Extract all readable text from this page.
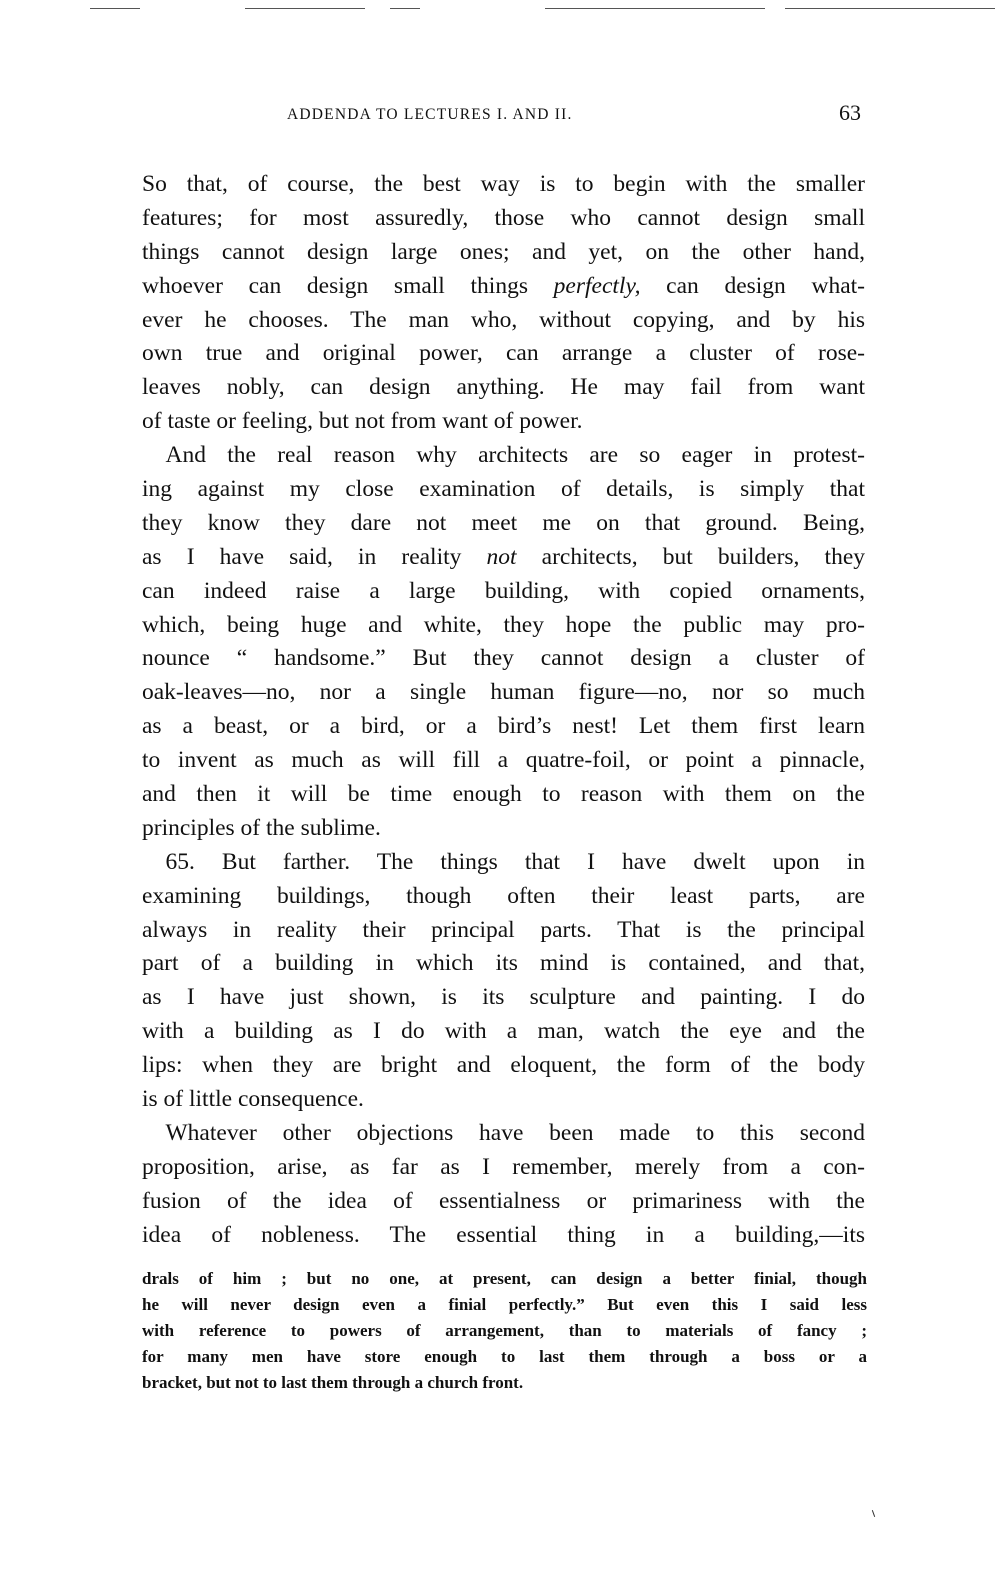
ADDENDA TO LECTURES I. AND II.	63
So that, of course, the best way is to begin with the smaller
features; for most assuredly, those who cannot design small
things cannot design large ones; and yet, on the other hand,
whoever can design small things perfectly, can design what-
ever he chooses. The man who, without copying, and by his
own true and original power, can arrange a cluster of rose-
leaves nobly, can design anything. He may fail from want
of taste or feeling, but not from want of power.
 And the real reason why architects are so eager in protest-
ing against my close examination of details, is simply that
they know they dare not meet me on that ground. Being,
as I have said, in reality not architects, but builders, they
can indeed raise a large building, with copied ornaments,
which, being huge and white, they hope the public may pro-
nounce “ handsome.” But they cannot design a cluster of
oak-leaves—no, nor a single human figure—no, nor so much
as a beast, or a bird, or a bird’s nest! Let them first learn
to invent as much as will fill a quatre-foil, or point a pinnacle,
and then it will be time enough to reason with them on the
principles of the sublime.
 65. But farther. The things that I have dwelt upon in
examining buildings, though often their least parts, are
always in reality their principal parts. That is the principal
part of a building in which its mind is contained, and that,
as I have just shown, is its sculpture and painting. I do
with a building as I do with a man, watch the eye and the
lips: when they are bright and eloquent, the form of the body
is of little consequence.
 Whatever other objections have been made to this second
proposition, arise, as far as I remember, merely from a con-
fusion of the idea of essentialness or primariness with the
idea of nobleness. The essential thing in a building,—its
drals of him ; but no one, at present, can design a better finial, though
he will never design even a finial perfectly.” But even this I said less
with reference to powers of arrangement, than to materials of fancy ;
for many men have store enough to last them through a boss or a
bracket, but not to last them through a church front.
